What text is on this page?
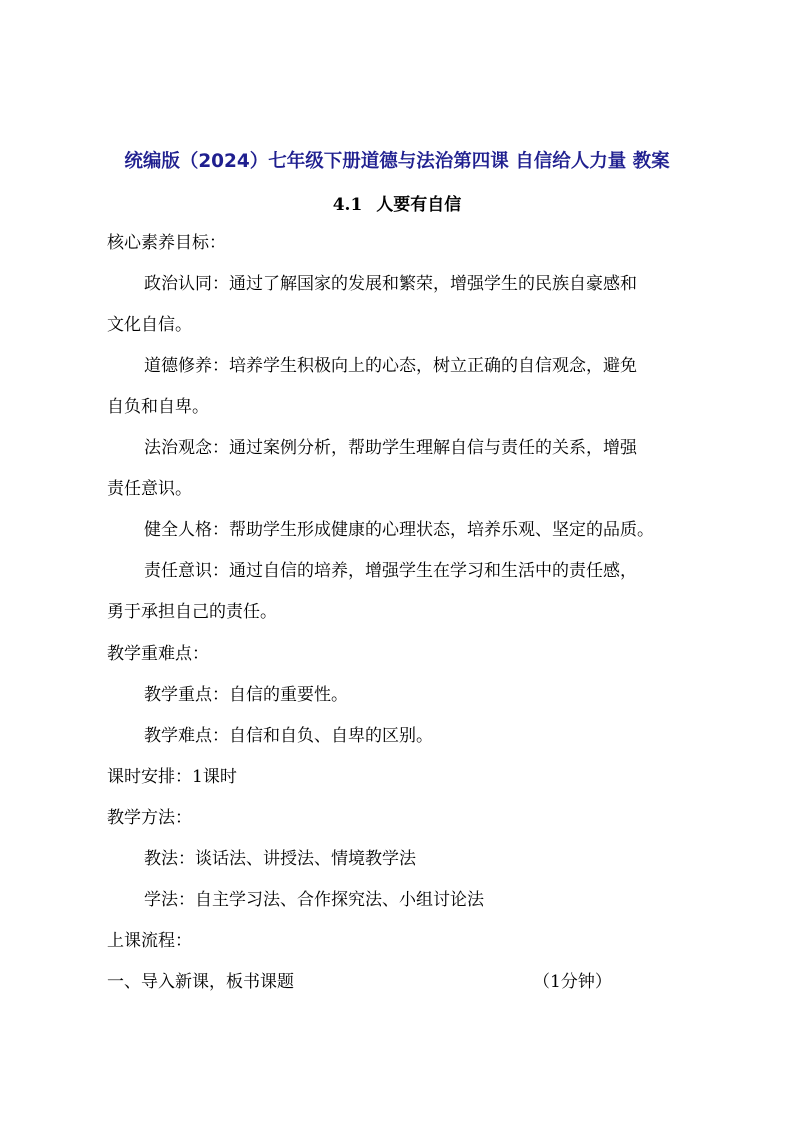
统编版（2024）七年级下册道德与法治第四课 自信给人力量 教案
4.1 人要有自信
核心素养目标：
政治认同：通过了解国家的发展和繁荣，增强学生的民族自豪感和
文化自信。
道德修养：培养学生积极向上的心态，树立正确的自信观念，避免
自负和自卑。
法治观念：通过案例分析，帮助学生理解自信与责任的关系，增强
责任意识。
健全人格：帮助学生形成健康的心理状态，培养乐观、坚定的品质。
责任意识：通过自信的培养，增强学生在学习和生活中的责任感，
勇于承担自己的责任。
教学重难点：
教学重点：自信的重要性。
教学难点：自信和自负、自卑的区别。
课时安排：1课时
教学方法：
教法：谈话法、讲授法、情境教学法
学法：自主学习法、合作探究法、小组讨论法
上课流程：
一、导入新课，板书课题	（1分钟）
